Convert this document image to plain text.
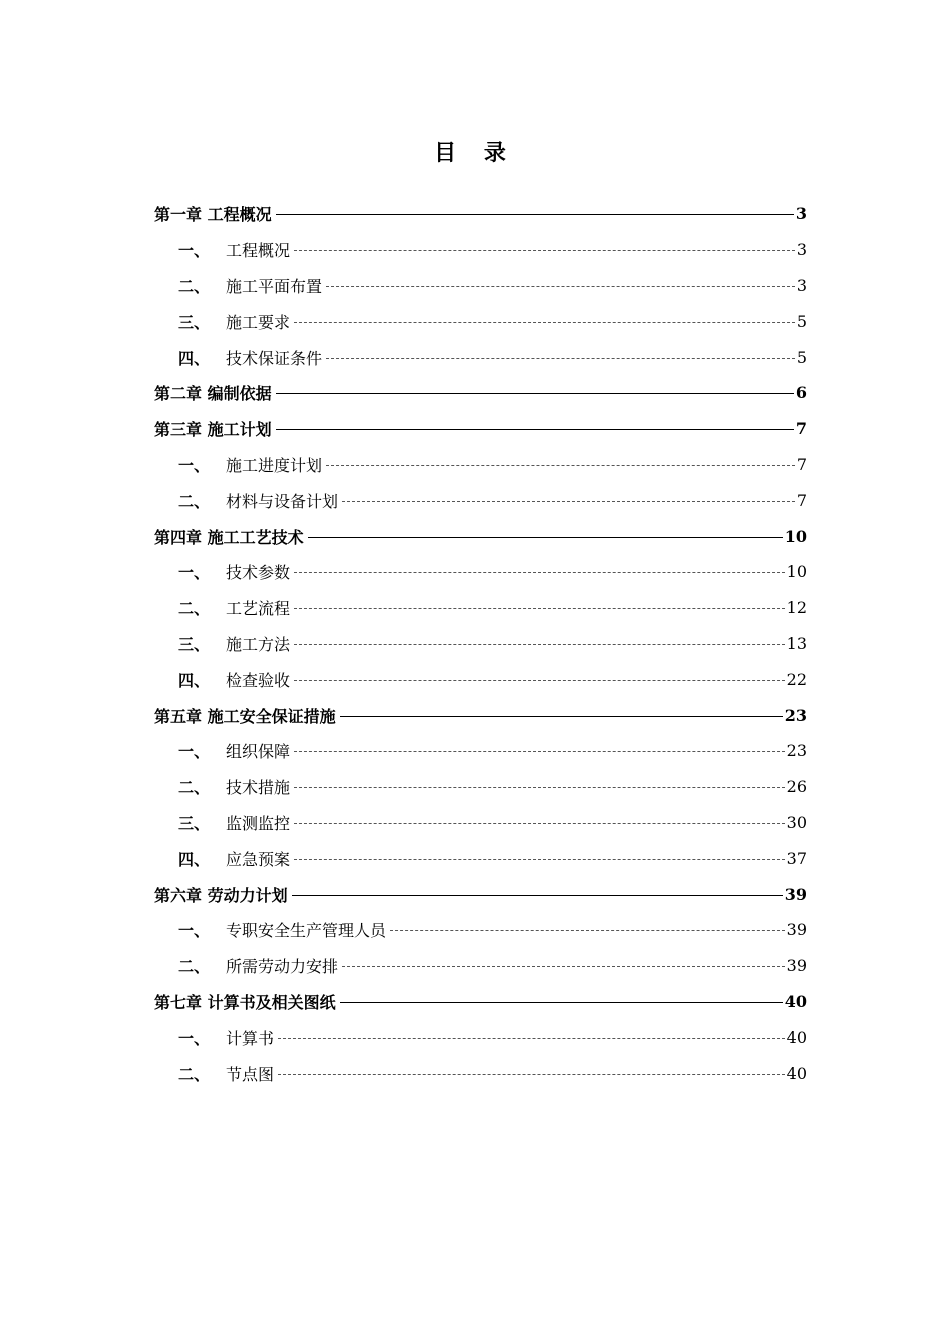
目 录
第一章 工程概况	3
一、 工程概况	3
二、 施工平面布置	3
三、 施工要求	5
四、 技术保证条件	5
第二章 编制依据	6
第三章 施工计划	7
一、 施工进度计划	7
二、 材料与设备计划	7
第四章 施工工艺技术	10
一、 技术参数	10
二、 工艺流程	12
三、 施工方法	13
四、 检查验收	22
第五章 施工安全保证措施	23
一、 组织保障	23
二、 技术措施	26
三、 监测监控	30
四、 应急预案	37
第六章 劳动力计划	39
一、 专职安全生产管理人员	39
二、 所需劳动力安排	39
第七章 计算书及相关图纸	40
一、 计算书	40
二、 节点图	40
